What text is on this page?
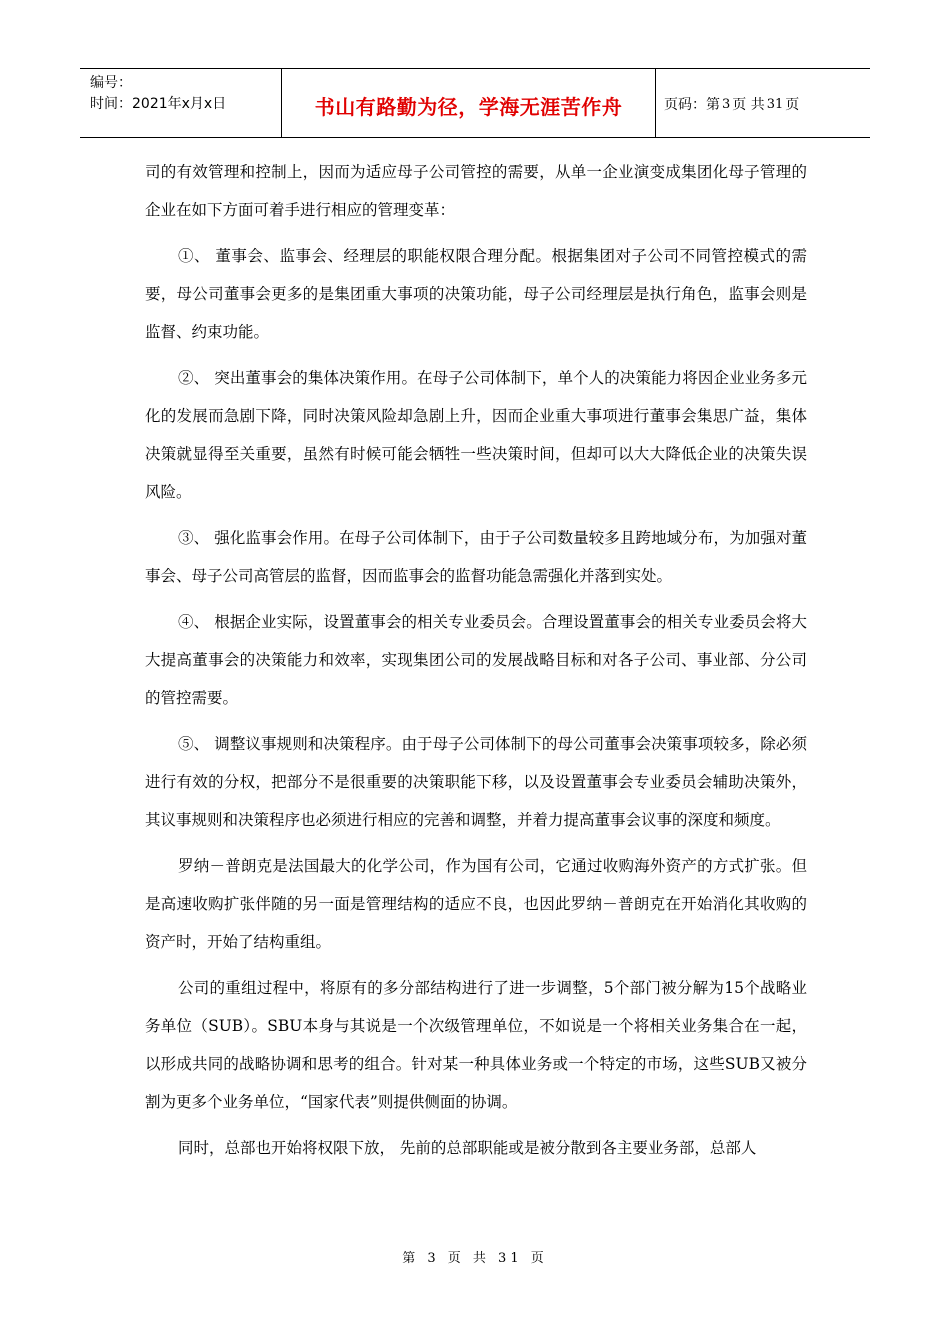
编号：
时间：2021年x月x日	书山有路勤为径，学海无涯苦作舟	页码：第 3 页 共 31 页

司的有效管理和控制上，因而为适应母子公司管控的需要，从单一企业演变成集团化母子管理的企业在如下方面可着手进行相应的管理变革：

①、 董事会、监事会、经理层的职能权限合理分配。根据集团对子公司不同管控模式的需要，母公司董事会更多的是集团重大事项的决策功能，母子公司经理层是执行角色，监事会则是监督、约束功能。

②、 突出董事会的集体决策作用。在母子公司体制下，单个人的决策能力将因企业业务多元化的发展而急剧下降，同时决策风险却急剧上升，因而企业重大事项进行董事会集思广益，集体决策就显得至关重要，虽然有时候可能会牺牲一些决策时间，但却可以大大降低企业的决策失误风险。

③、 强化监事会作用。在母子公司体制下，由于子公司数量较多且跨地域分布，为加强对董事会、母子公司高管层的监督，因而监事会的监督功能急需强化并落到实处。

④、 根据企业实际，设置董事会的相关专业委员会。合理设置董事会的相关专业委员会将大大提高董事会的决策能力和效率，实现集团公司的发展战略目标和对各子公司、事业部、分公司的管控需要。

⑤、 调整议事规则和决策程序。由于母子公司体制下的母公司董事会决策事项较多，除必须进行有效的分权，把部分不是很重要的决策职能下移，以及设置董事会专业委员会辅助决策外，其议事规则和决策程序也必须进行相应的完善和调整，并着力提高董事会议事的深度和频度。

罗纳－普朗克是法国最大的化学公司，作为国有公司，它通过收购海外资产的方式扩张。但是高速收购扩张伴随的另一面是管理结构的适应不良，也因此罗纳－普朗克在开始消化其收购的资产时，开始了结构重组。

公司的重组过程中，将原有的多分部结构进行了进一步调整，5个部门被分解为15个战略业务单位（SUB）。SBU本身与其说是一个次级管理单位，不如说是一个将相关业务集合在一起，以形成共同的战略协调和思考的组合。针对某一种具体业务或一个特定的市场，这些SUB又被分割为更多个业务单位，“国家代表”则提供侧面的协调。

同时，总部也开始将权限下放， 先前的总部职能或是被分散到各主要业务部，总部人

第 3 页 共 31 页
